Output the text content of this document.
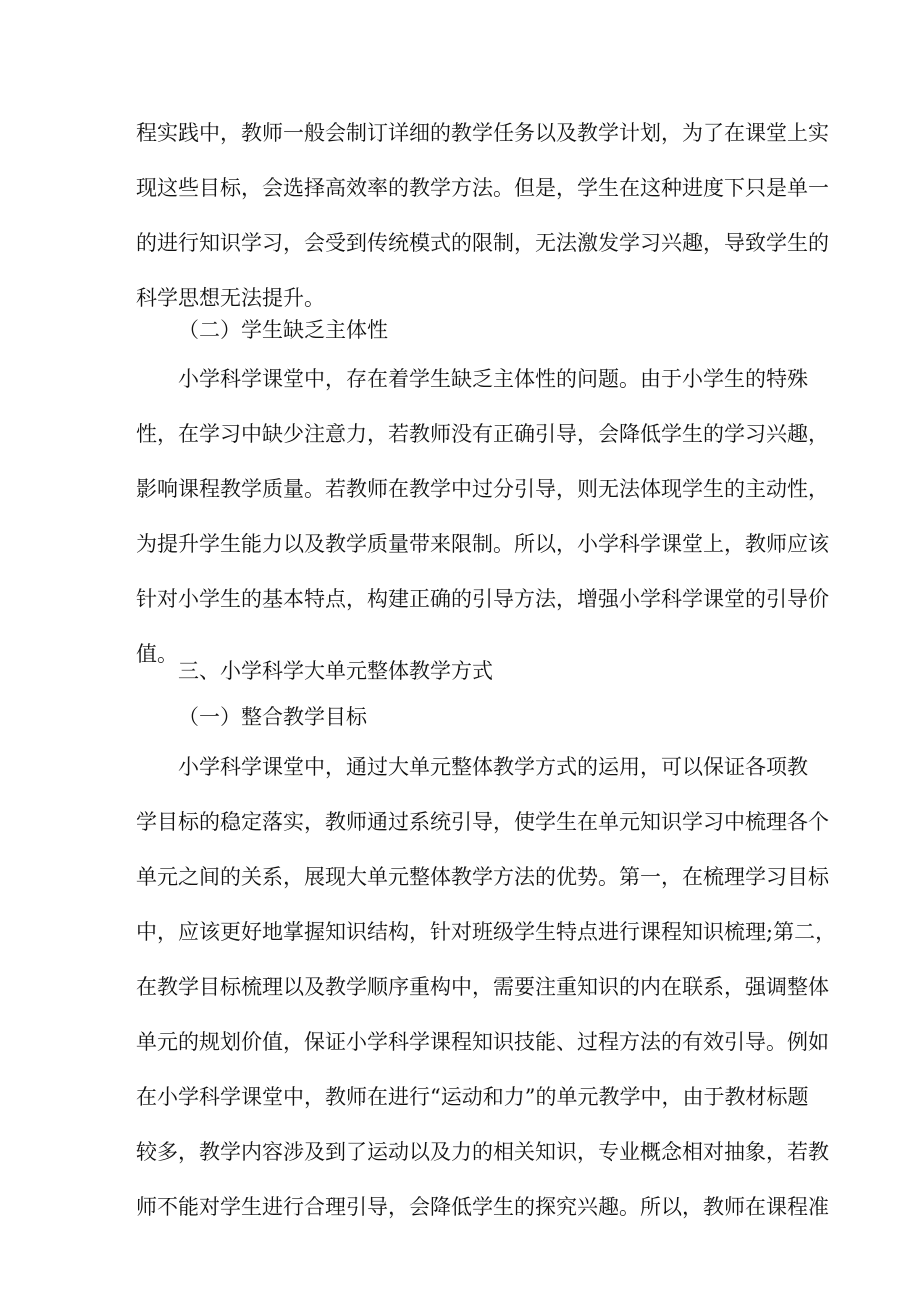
程实践中，教师一般会制订详细的教学任务以及教学计划，为了在课堂上实
现这些目标，会选择高效率的教学方法。但是，学生在这种进度下只是单一
的进行知识学习，会受到传统模式的限制，无法激发学习兴趣，导致学生的
科学思想无法提升。

（二）学生缺乏主体性

小学科学课堂中，存在着学生缺乏主体性的问题。由于小学生的特殊
性，在学习中缺少注意力，若教师没有正确引导，会降低学生的学习兴趣，
影响课程教学质量。若教师在教学中过分引导，则无法体现学生的主动性，
为提升学生能力以及教学质量带来限制。所以，小学科学课堂上，教师应该
针对小学生的基本特点，构建正确的引导方法，增强小学科学课堂的引导价
值。

三、小学科学大单元整体教学方式

（一）整合教学目标

小学科学课堂中，通过大单元整体教学方式的运用，可以保证各项教
学目标的稳定落实，教师通过系统引导，使学生在单元知识学习中梳理各个
单元之间的关系，展现大单元整体教学方法的优势。第一，在梳理学习目标
中，应该更好地掌握知识结构，针对班级学生特点进行课程知识梳理;第二，
在教学目标梳理以及教学顺序重构中，需要注重知识的内在联系，强调整体
单元的规划价值，保证小学科学课程知识技能、过程方法的有效引导。例如
在小学科学课堂中，教师在进行“运动和力”的单元教学中，由于教材标题
较多，教学内容涉及到了运动以及力的相关知识，专业概念相对抽象，若教
师不能对学生进行合理引导，会降低学生的探究兴趣。所以，教师在课程准
